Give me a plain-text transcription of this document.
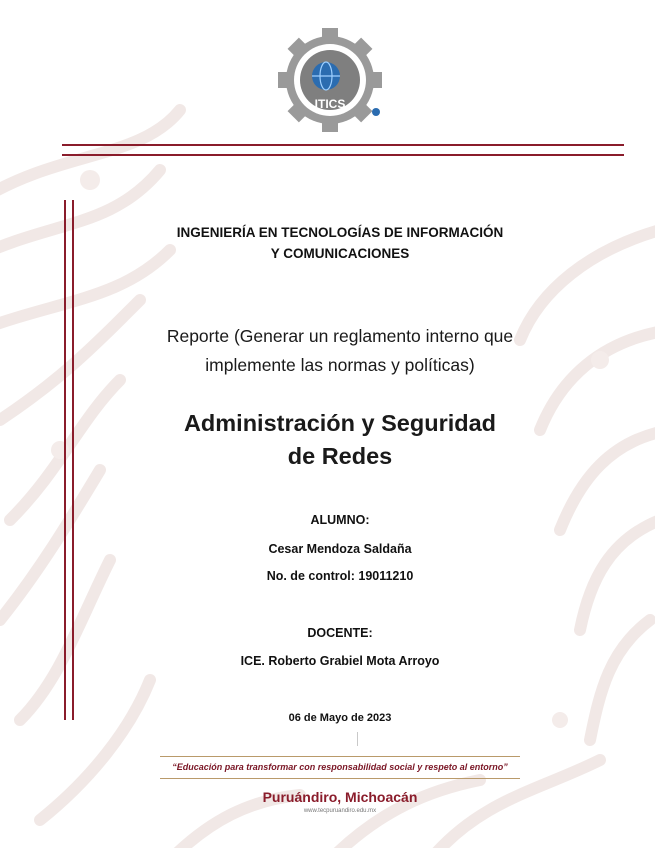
ITICS
INGENIERÍA EN TECNOLOGÍAS DE INFORMACIÓN
Y COMUNICACIONES
Reporte (Generar un reglamento interno que
implemente las normas y políticas)
Administración y Seguridad
de Redes
ALUMNO:
Cesar Mendoza Saldaña
No. de control: 19011210
DOCENTE:
ICE. Roberto Grabiel Mota Arroyo
06 de Mayo de 2023
“Educación para transformar con responsabilidad social y respeto al entorno”
Puruándiro, Michoacán
www.tecpuruandiro.edu.mx
